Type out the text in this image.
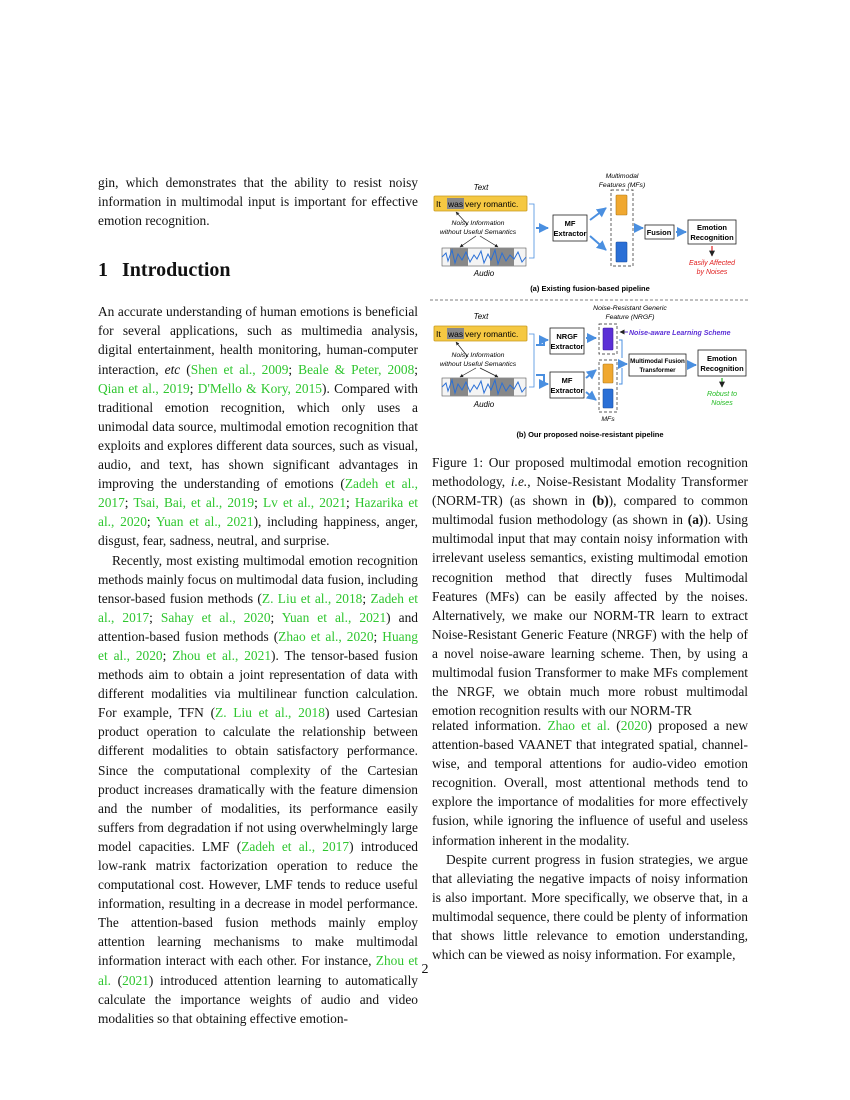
gin, which demonstrates that the ability to resist noisy information in multimodal input is important for effective emotion recognition.

1 Introduction

An accurate understanding of human emotions is beneficial for several applications, such as multimedia analysis, digital entertainment, health monitoring, human-computer interaction, etc (Shen et al., 2009; Beale & Peter, 2008; Qian et al., 2019; D'Mello & Kory, 2015). Compared with traditional emotion recognition, which only uses a unimodal data source, multimodal emotion recognition that exploits and explores different data sources, such as visual, audio, and text, has shown significant advantages in improving the understanding of emotions (Zadeh et al., 2017; Tsai, Bai, et al., 2019; Lv et al., 2021; Hazarika et al., 2020; Yuan et al., 2021), including happiness, anger, disgust, fear, sadness, neutral, and surprise.

Recently, most existing multimodal emotion recognition methods mainly focus on multimodal data fusion, including tensor-based fusion methods (Z. Liu et al., 2018; Zadeh et al., 2017; Sahay et al., 2020; Yuan et al., 2021) and attention-based fusion methods (Zhao et al., 2020; Huang et al., 2020; Zhou et al., 2021). The tensor-based fusion methods aim to obtain a joint representation of data with different modalities via multilinear function calculation. For example, TFN (Z. Liu et al., 2018) used Cartesian product operation to calculate the relationship between different modalities to obtain satisfactory performance. Since the computational complexity of the Cartesian product increases dramatically with the feature dimension and the number of modalities, its performance easily suffers from degradation if not using overwhelmingly large model capacities. LMF (Zadeh et al., 2017) introduced low-rank matrix factorization operation to reduce the computational cost. However, LMF tends to reduce useful information, resulting in a decrease in model performance. The attention-based fusion methods mainly employ attention learning mechanisms to make multimodal information interact with each other. For instance, Zhou et al. (2021) introduced attention learning to automatically calculate the importance weights of audio and video modalities so that obtaining effective emotion-

Text
It was very romantic.
Noisy Information
without Useful Semantics
Audio
MF
Extractor
Multimodal
Features (MFs)
Fusion
Emotion
Recognition
Easily Affected
by Noises
(a) Existing fusion-based pipeline
Text
It was very romantic.
Noisy Information
without Useful Semantics
Audio
Noise-Resistant Generic
Feature (NRGF)
NRGF
Extractor
Noise-aware Learning Scheme
MF
Extractor
MFs
Multimodal Fusion
Transformer
Emotion
Recognition
Robust to
Noises
(b) Our proposed noise-resistant pipeline

Figure 1: Our proposed multimodal emotion recognition methodology, i.e., Noise-Resistant Modality Transformer (NORM-TR) (as shown in (b)), compared to common multimodal fusion methodology (as shown in (a)). Using multimodal input that may contain noisy information with irrelevant useless semantics, existing multimodal emotion recognition method that directly fuses Multimodal Features (MFs) can be easily affected by the noises. Alternatively, we make our NORM-TR learn to extract Noise-Resistant Generic Feature (NRGF) with the help of a novel noise-aware learning scheme. Then, by using a multimodal fusion Transformer to make MFs complement the NRGF, we obtain much more robust multimodal emotion recognition results with our NORM-TR

related information. Zhao et al. (2020) proposed a new attention-based VAANET that integrated spatial, channel-wise, and temporal attentions for audio-video emotion recognition. Overall, most attentional methods tend to explore the importance of modalities for more effectively fusion, while ignoring the influence of useful and useless information inherent in the modality.

Despite current progress in fusion strategies, we argue that alleviating the negative impacts of noisy information is also important. More specifically, we observe that, in a multimodal sequence, there could be plenty of information that shows little relevance to emotion understanding, which can be viewed as noisy information. For example,

2
